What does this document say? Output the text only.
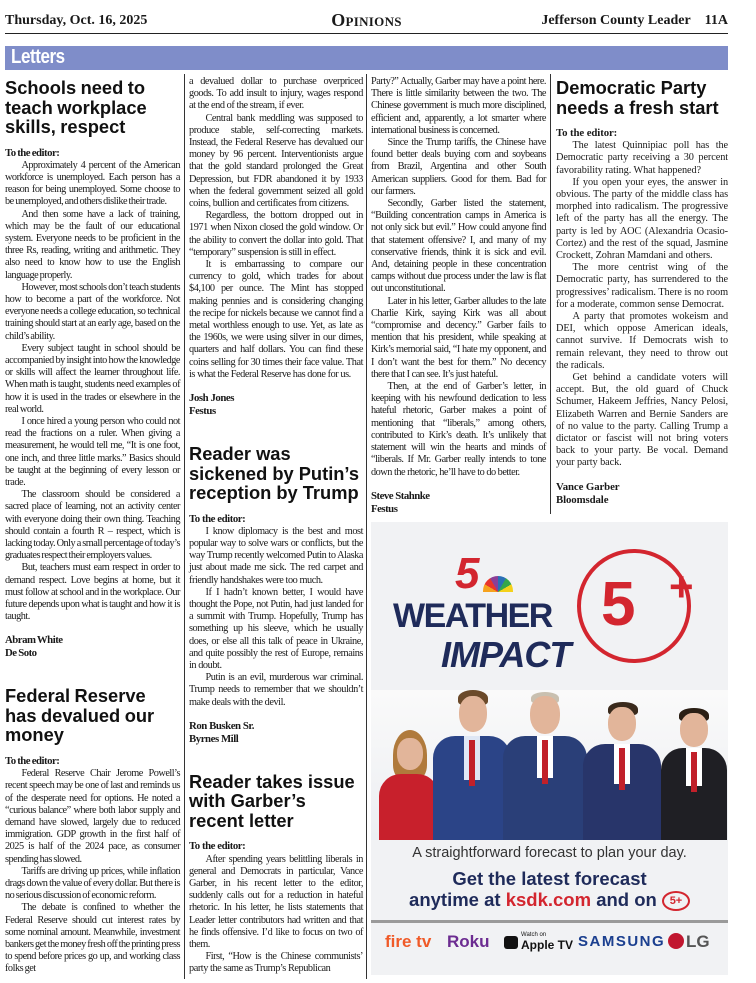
Thursday, Oct. 16, 2025	Opinions	Jefferson County Leader 11A
Letters
Schools need to teach workplace skills, respect
To the editor:

Approximately 4 percent of the American workforce is unemployed. Each person has a reason for being unemployed. Some choose to be unemployed, and others dislike their trade.

And then some have a lack of training, which may be the fault of our educational system. Everyone needs to be proficient in the three Rs, reading, writing and arithmetic. They also need to know how to use the English language properly.

However, most schools don’t teach students how to become a part of the workforce. Not everyone needs a college education, so technical training should start at an early age, based on the child’s ability.

Every subject taught in school should be accompanied by insight into how the knowledge or skills will affect the learner throughout life. When math is taught, students need examples of how it is used in the trades or elsewhere in the real world.

I once hired a young person who could not read the fractions on a ruler. When giving a measurement, he would tell me, “It is one foot, one inch, and three little marks.” Basics should be taught at the beginning of every lesson or trade.

The classroom should be considered a sacred place of learning, not an activity center with everyone doing their own thing. Teaching should contain a fourth R – respect, which is lacking today. Only a small percentage of today’s graduates respect their employers values.

But, teachers must earn respect in order to demand respect. Love begins at home, but it must follow at school and in the workplace. Our future depends upon what is taught and how it is taught.

Abram White
De Soto
Federal Reserve has devalued our money
To the editor:

Federal Reserve Chair Jerome Powell’s recent speech may be one of last and reminds us of the desperate need for options. He noted a “curious balance” where both labor supply and demand have slowed, largely due to reduced immigration. GDP growth in the first half of 2025 is half of the 2024 pace, as consumer spending has slowed.

Tariffs are driving up prices, while inflation drags down the value of every dollar. But there is no serious discussion of economic reform.

The debate is confined to whether the Federal Reserve should cut interest rates by some nominal amount. Meanwhile, investment bankers get the money fresh off the printing press to spend before prices go up, and working class folks get

a devalued dollar to purchase overpriced goods. To add insult to injury, wages respond at the end of the stream, if ever.

Central bank meddling was supposed to produce stable, self-correcting markets. Instead, the Federal Reserve has devalued our money by 96 percent. Interventionists argue that the gold standard prolonged the Great Depression, but FDR abandoned it by 1933 when the federal government seized all gold coins, bullion and certificates from citizens.

Regardless, the bottom dropped out in 1971 when Nixon closed the gold window. Or the ability to convert the dollar into gold. That “temporary” suspension is still in effect.

It is embarrassing to compare our currency to gold, which trades for about $4,100 per ounce. The Mint has stopped making pennies and is considering changing the recipe for nickels because we cannot find a metal worthless enough to use. Yet, as late as the 1960s, we were using silver in our dimes, quarters and half dollars. You can find these coins selling for 30 times their face value. That is what the Federal Reserve has done for us.

Josh Jones
Festus
Reader was sickened by Putin’s reception by Trump
To the editor:

I know diplomacy is the best and most popular way to solve wars or conflicts, but the way Trump recently welcomed Putin to Alaska just about made me sick. The red carpet and friendly handshakes were too much.

If I hadn’t known better, I would have thought the Pope, not Putin, had just landed for a summit with Trump. Hopefully, Trump has something up his sleeve, which he usually does, or else all this talk of peace in Ukraine, and quite possibly the rest of Europe, remains in doubt.

Putin is an evil, murderous war criminal. Trump needs to remember that we shouldn’t make deals with the devil.

Ron Busken Sr.
Byrnes Mill
Reader takes issue with Garber’s recent letter
To the editor:

After spending years belittling liberals in general and Democrats in particular, Vance Garber, in his recent letter to the editor, suddenly calls out for a reduction in hateful rhetoric. In his letter, he lists statements that Leader letter contributors had written and that he finds offensive. I’d like to focus on two of them.

First, “How is the Chinese communists’ party the same as Trump’s Republican

Party?” Actually, Garber may have a point here. There is little similarity between the two. The Chinese government is much more disciplined, efficient and, apparently, a lot smarter where international business is concerned.

Since the Trump tariffs, the Chinese have found better deals buying corn and soybeans from Brazil, Argentina and other South American suppliers. Good for them. Bad for our farmers.

Secondly, Garber listed the statement, “Building concentration camps in America is not only sick but evil.” How could anyone find that statement offensive? I, and many of my conservative friends, think it is sick and evil. And, detaining people in these concentration camps without due process under the law is flat out unconstitutional.

Later in his letter, Garber alludes to the late Charlie Kirk, saying Kirk was all about “compromise and decency.” Garber fails to mention that his president, while speaking at Kirk’s memorial said, “I hate my opponent, and I don’t want the best for them.” No decency there that I can see. It’s just hateful.

Then, at the end of Garber’s letter, in keeping with his newfound dedication to less hateful rhetoric, Garber makes a point of mentioning that “liberals,” among others, contributed to Kirk’s death. It’s unlikely that statement will win the hearts and minds of “liberals. If Mr. Garber really intends to tone down the rhetoric, he’ll have to do better.

Steve Stahnke
Festus
Democratic Party needs a fresh start
To the editor:

The latest Quinnipiac poll has the Democratic party receiving a 30 percent favorability rating. What happened?

If you open your eyes, the answer in obvious. The party of the middle class has morphed into radicalism. The progressive left of the party has all the energy. The party is led by AOC (Alexandria Ocasio-Cortez) and the rest of the squad, Jasmine Crockett, Zohran Mamdani and others.

The more centrist wing of the Democratic party, has surrendered to the progressives’ radicalism. There is no room for a moderate, common sense Democrat.

A party that promotes wokeism and DEI, which oppose American ideals, cannot survive. If Democrats wish to remain relevant, they need to throw out the radicals.

Get behind a candidate voters will accept. But, the old guard of Chuck Schumer, Hakeem Jeffries, Nancy Pelosi, Elizabeth Warren and Bernie Sanders are of no value to the party. Calling Trump a dictator or fascist will not bring voters back to your party. Be vocal. Demand your party back.

Vance Garber
Bloomsdale
5
WEATHER
IMPACT
5 +
A straightforward forecast to plan your day.
Get the latest forecast
anytime at ksdk.com and on 5+
fire tv Roku	Watch on
Apple TV SAMSUNG	LG
